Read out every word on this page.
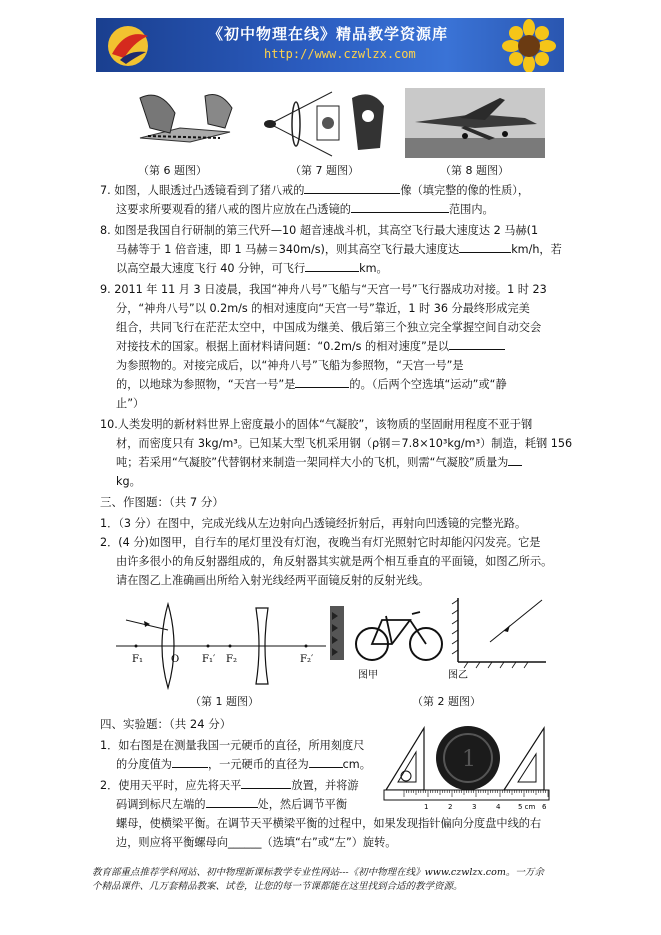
《初中物理在线》精品教学资源库
http://www.czwlzx.com
（第 6 题图）	（第 7 题图）	（第 8 题图）
7. 如图，人眼透过凸透镜看到了猪八戒的	像（填完整的像的性质），
这要求所要观看的猪八戒的图片应放在凸透镜的	范围内。
8. 如图是我国自行研制的第三代歼—10 超音速战斗机，其高空飞行最大速度达 2 马赫(1
马赫等于 1 倍音速，即 1 马赫＝340m/s)，则其高空飞行最大速度达	km/h，若
以高空最大速度飞行 40 分钟，可飞行	km。
9. 2011 年 11 月 3 日凌晨，我国“神舟八号”飞船与“天宫一号”飞行器成功对接。1 时 23
分，“神舟八号”以 0.2m/s 的相对速度向“天宫一号”靠近，1 时 36 分最终形成完美
组合，共同飞行在茫茫太空中，中国成为继美、俄后第三个独立完全掌握空间自动交会
对接技术的国家。根据上面材料请问题：“0.2m/s 的相对速度”是以
为参照物的。对接完成后，以“神舟八号”飞船为参照物，“天宫一号”是
的，以地球为参照物，“天宫一号”是	的。（后两个空选填“运动”或“静
止”）
10.人类发明的新材料世界上密度最小的固体“气凝胶”，该物质的坚固耐用程度不亚于钢
材，而密度只有 3kg/m³。已知某大型飞机采用钢（ρ钢＝7.8×10³kg/m³）制造，耗钢 156
吨；若采用“气凝胶”代替钢材来制造一架同样大小的飞机，则需“气凝胶”质量为
kg。
三、作图题：（共 7 分）
1．（3 分）在图中，完成光线从左边射向凸透镜经折射后，再射向凹透镜的完整光路。
2．(4 分)如图甲，自行车的尾灯里没有灯泡，夜晚当有灯光照射它时却能闪闪发亮。它是
由许多很小的角反射器组成的，角反射器其实就是两个相互垂直的平面镜，如图乙所示。
请在图乙上准确画出所给入射光线经两平面镜反射的反射光线。
F₁	O F₁′ F₂	F₂′
图甲	图乙
（第 1 题图）	（第 2 题图）
四、实验题：（共 24 分）
1．如右图是在测量我国一元硬币的直径，所用刻度尺
的分度值为	，一元硬币的直径为	cm。
2．使用天平时，应先将天平	放置，并将游
码调到标尺左端的	处，然后调节平衡
螺母，使横梁平衡。在调节天平横梁平衡的过程中，如果发现指针偏向分度盘中线的右
边，则应将平衡螺母向______（选填“右”或“左”）旋转。
1
1	2	3	4	5 cm 6
教育部重点推荐学科网站、初中物理新课标教学专业性网站---《初中物理在线》www.czwlzx.com。一万余
个精品课件、几万套精品教案、试卷，让您的每一节课都能在这里找到合适的教学资源。
